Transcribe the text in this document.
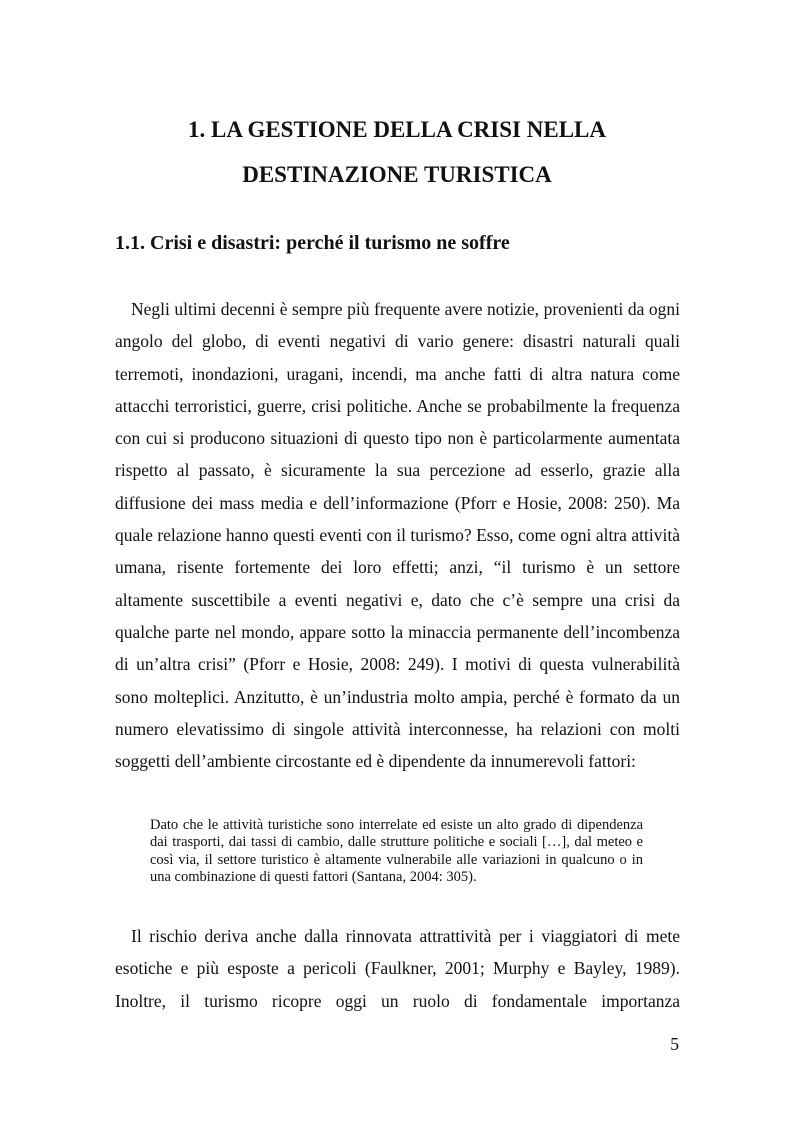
1. LA GESTIONE DELLA CRISI NELLA
DESTINAZIONE TURISTICA
1.1. Crisi e disastri: perché il turismo ne soffre

Negli ultimi decenni è sempre più frequente avere notizie, provenienti da ogni angolo del globo, di eventi negativi di vario genere: disastri naturali quali terremoti, inondazioni, uragani, incendi, ma anche fatti di altra natura come attacchi terroristici, guerre, crisi politiche. Anche se probabilmente la frequenza con cui si producono situazioni di questo tipo non è particolarmente aumentata rispetto al passato, è sicuramente la sua percezione ad esserlo, grazie alla diffusione dei mass media e dell’informazione (Pforr e Hosie, 2008: 250). Ma quale relazione hanno questi eventi con il turismo? Esso, come ogni altra attività umana, risente fortemente dei loro effetti; anzi, “il turismo è un settore altamente suscettibile a eventi negativi e, dato che c’è sempre una crisi da qualche parte nel mondo, appare sotto la minaccia permanente dell’incombenza di un’altra crisi” (Pforr e Hosie, 2008: 249). I motivi di questa vulnerabilità sono molteplici. Anzitutto, è un’industria molto ampia, perché è formato da un numero elevatissimo di singole attività interconnesse, ha relazioni con molti soggetti dell’ambiente circostante ed è dipendente da innumerevoli fattori:

Dato che le attività turistiche sono interrelate ed esiste un alto grado di dipendenza dai trasporti, dai tassi di cambio, dalle strutture politiche e sociali […], dal meteo e così via, il settore turistico è altamente vulnerabile alle variazioni in qualcuno o in una combinazione di questi fattori (Santana, 2004: 305).

Il rischio deriva anche dalla rinnovata attrattività per i viaggiatori di mete esotiche e più esposte a pericoli (Faulkner, 2001; Murphy e Bayley, 1989). Inoltre, il turismo ricopre oggi un ruolo di fondamentale importanza

5
